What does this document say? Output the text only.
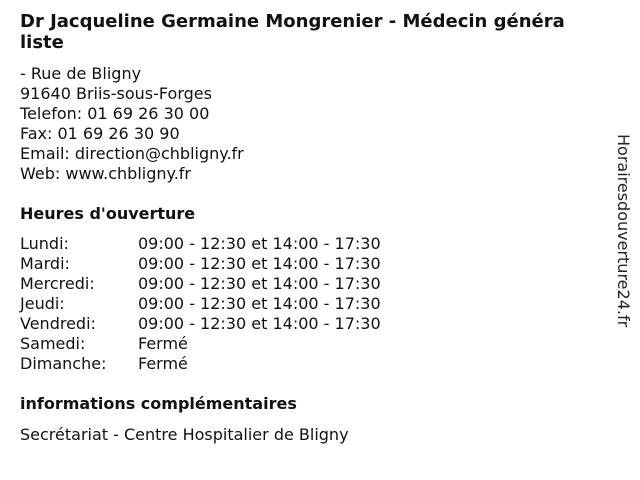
Dr Jacqueline Germaine Mongrenier - Médecin généra
liste
- Rue de Bligny
91640 Briis-sous-Forges
Telefon: 01 69 26 30 00
Fax: 01 69 26 30 90
Email: direction@chbligny.fr
Web: www.chbligny.fr
Heures d'ouverture
Lundi:	09:00 - 12:30 et 14:00 - 17:30
Mardi:	09:00 - 12:30 et 14:00 - 17:30
Mercredi:	09:00 - 12:30 et 14:00 - 17:30
Jeudi:	09:00 - 12:30 et 14:00 - 17:30
Vendredi:	09:00 - 12:30 et 14:00 - 17:30
Samedi:	Fermé
Dimanche: Fermé
informations complémentaires
Secrétariat - Centre Hospitalier de Bligny
Horairesdouverture24.fr
